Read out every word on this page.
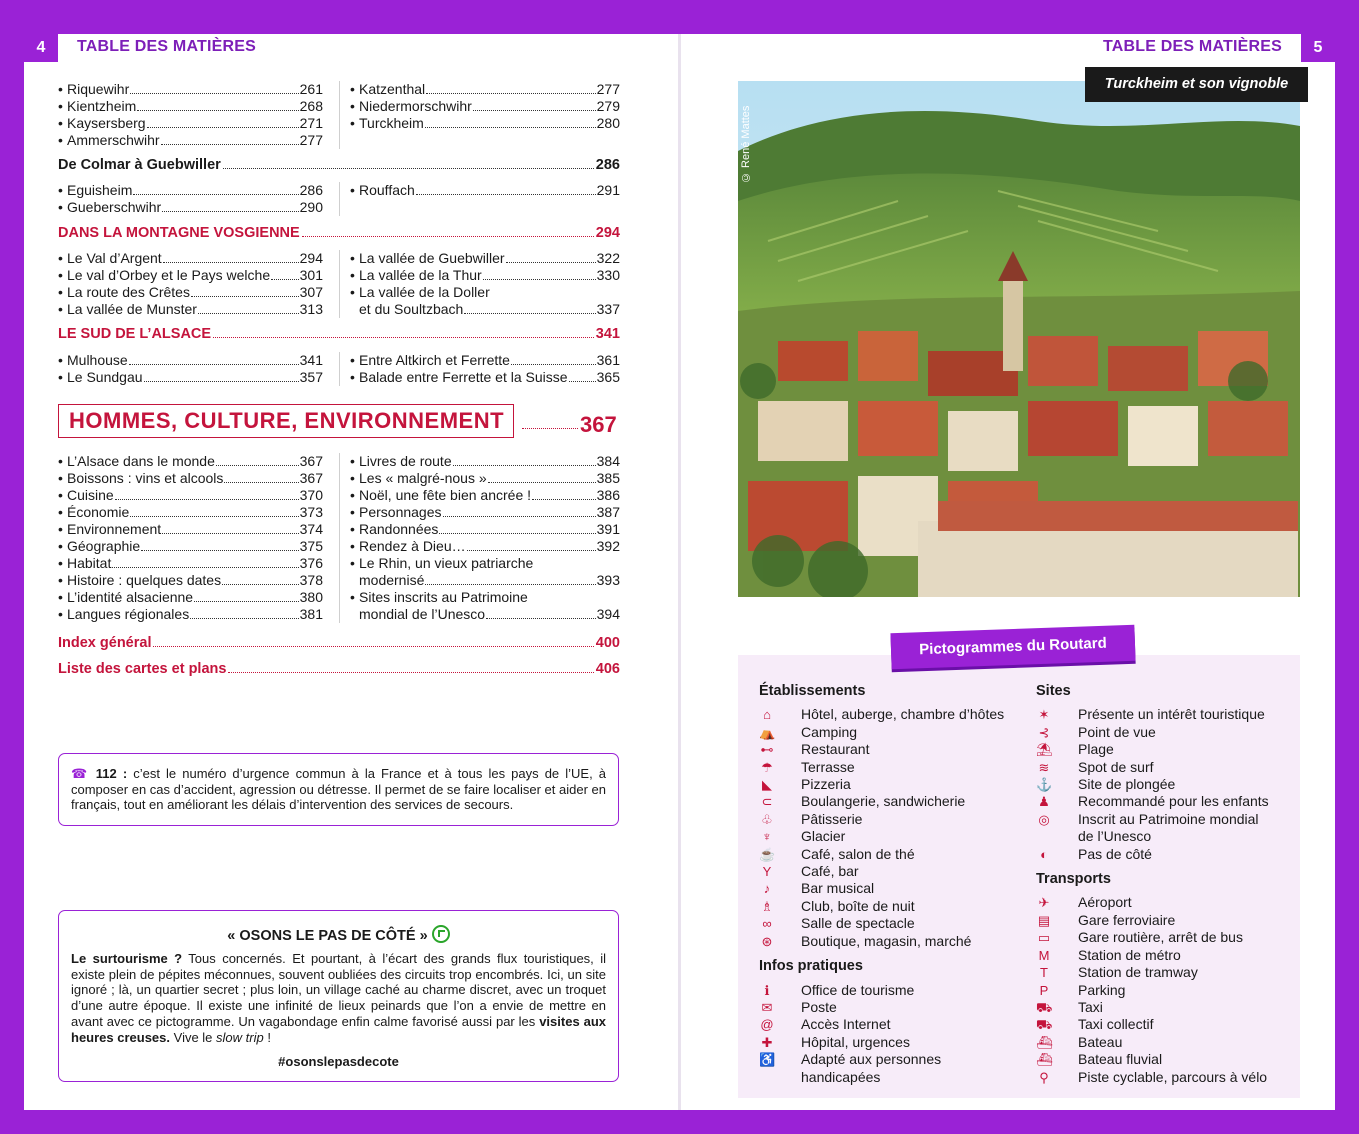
4	TABLE DES MATIÈRES	5
TABLE DES MATIÈRES
• Riquewihr	261
• Kientzheim	268
• Kaysersberg	271
• Ammerschwihr	277
• Katzenthal	277
• Niedermorschwihr	279
• Turckheim	280
De Colmar à Guebwiller	286
• Eguisheim	286
• Gueberschwihr	290
• Rouffach	291
DANS LA MONTAGNE VOSGIENNE	294
• Le Val d’Argent	294
• Le val d’Orbey et le Pays welche 301
• La route des Crêtes	307
• La vallée de Munster	313
• La vallée de Guebwiller	322
• La vallée de la Thur	330
• La vallée de la Doller
et du Soultzbach	337
LE SUD DE L’ALSACE	341
• Mulhouse	341
• Le Sundgau	357
• Entre Altkirch et Ferrette	361
• Balade entre Ferrette et la Suisse 365
HOMMES, CULTURE, ENVIRONNEMENT	367
• L’Alsace dans le monde	367
• Boissons : vins et alcools	367
• Cuisine	370
• Économie	373
• Environnement	374
• Géographie	375
• Habitat	376
• Histoire : quelques dates	378
• L’identité alsacienne	380
• Langues régionales	381
• Livres de route	384
• Les « malgré-nous »	385
• Noël, une fête bien ancrée !	386
• Personnages	387
• Randonnées	391
• Rendez à Dieu…	392
• Le Rhin, un vieux patriarche
modernisé	393
• Sites inscrits au Patrimoine
mondial de l’Unesco	394
Index général	400
Liste des cartes et plans	406
☎ 112 : c’est le numéro d’urgence commun à la France et à tous les pays de l’UE, à composer en cas d’accident, agression ou détresse. Il permet de se faire localiser et aider en français, tout en améliorant les délais d’intervention des services de secours.
« OSONS LE PAS DE CÔTÉ »
Le surtourisme ? Tous concernés. Et pourtant, à l’écart des grands flux touristiques, il existe plein de pépites méconnues, souvent oubliées des circuits trop encombrés. Ici, un site ignoré ; là, un quartier secret ; plus loin, un village caché au charme discret, avec un troquet d’une autre époque. Il existe une infinité de lieux peinards que l’on a envie de mettre en avant avec ce pictogramme. Un vagabondage enfin calme favorisé aussi par les visites aux heures creuses. Vive le slow trip !
#osonslepasdecote
© René Mattes
Turckheim et son vignoble
Pictogrammes du Routard
Établissements
⌂	Hôtel, auberge, chambre d’hôtes
⛺	Camping
⊷	Restaurant
☂	Terrasse
◣	Pizzeria
⊂	Boulangerie, sandwicherie
♧	Pâtisserie
♆	Glacier
☕	Café, salon de thé
Y	Café, bar
♪	Bar musical
♗	Club, boîte de nuit
∞	Salle de spectacle
⊛	Boutique, magasin, marché
Infos pratiques
ℹ	Office de tourisme
✉	Poste
@	Accès Internet
✚	Hôpital, urgences
♿	Adapté aux personnes
handicapées
Sites
✶	Présente un intérêt touristique
⊰	Point de vue
⛱	Plage
≋	Spot de surf
⚓	Site de plongée
♟	Recommandé pour les enfants
◎	Inscrit au Patrimoine mondial
de l’Unesco
◐	Pas de côté
Transports
✈	Aéroport
▤	Gare ferroviaire
▭	Gare routière, arrêt de bus
M	Station de métro
T	Station de tramway
P	Parking
⛟	Taxi
⛟	Taxi collectif
⛴	Bateau
⛴	Bateau fluvial
⚲	Piste cyclable, parcours à vélo
